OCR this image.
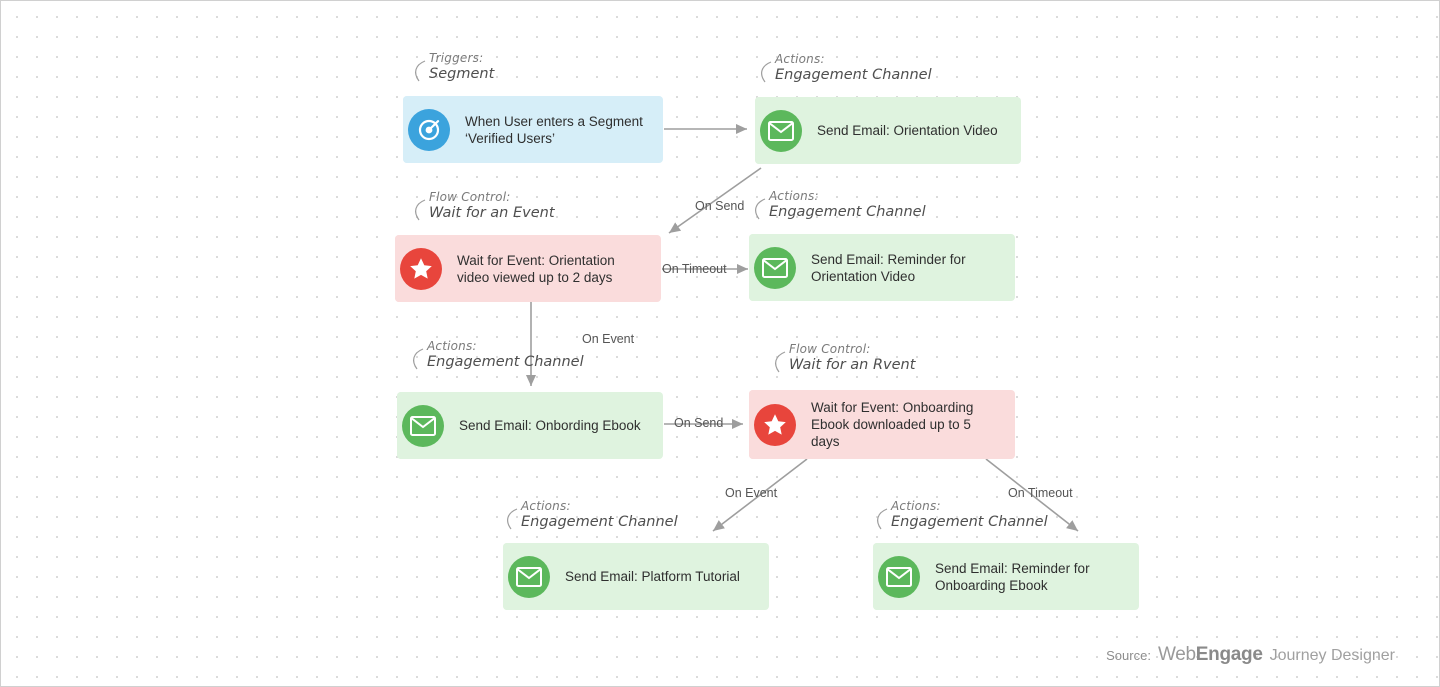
Triggers:
Segment
Actions:
Engagement Channel
Flow Control:
Wait for an Event
Actions:
Engagement Channel
Actions:
Engagement Channel
Flow Control:
Wait for an Rvent
Actions:
Engagement Channel
Actions:
Engagement Channel
When User enters a Segment ‘Verified Users’	Send Email: Orientation Video
Wait for Event: Orientation video viewed up to 2 days
Send Email: Reminder for Orientation Video
Send Email: Onbording Ebook
Wait for Event: Onboarding Ebook downloaded up to 5 days
Send Email: Platform Tutorial
Send Email: Reminder for Onboarding Ebook
On Send
On Timeout
On Event
On Send
On Event	On Timeout
Source: WebEngage Journey Designer
